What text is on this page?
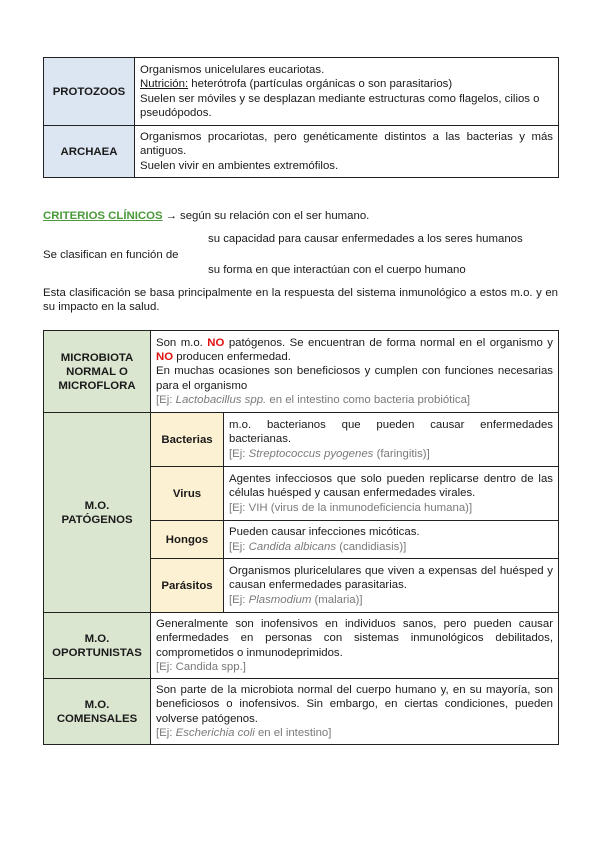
PROTOZOOS	Organismos unicelulares eucariotas.
Nutrición: heterótrofa (partículas orgánicas o son parasitarios)
Suelen ser móviles y se desplazan mediante estructuras como flagelos, cilios o pseudópodos.

ARCHAEA	Organismos procariotas, pero genéticamente distintos a las bacterias y más antiguos.
Suelen vivir en ambientes extremófilos.
CRITERIOS CLÍNICOS → según su relación con el ser humano.
su capacidad para causar enfermedades a los seres humanos
Se clasifican en función de
su forma en que interactúan con el cuerpo humano
Esta clasificación se basa principalmente en la respuesta del sistema inmunológico a estos m.o. y en su impacto en la salud.
MICROBIOTA NORMAL O MICROFLORA	Son m.o. NO patógenos. Se encuentran de forma normal en el organismo y NO producen enfermedad.
En muchas ocasiones son beneficiosos y cumplen con funciones necesarias para el organismo
[Ej: Lactobacillus spp. en el intestino como bacteria probiótica]	

M.O. PATÓGENOS	Bacterias	m.o. bacterianos que pueden causar enfermedades bacterianas.
[Ej: Streptococcus pyogenes (faringitis)]

	Virus	Agentes infecciosos que solo pueden replicarse dentro de las células huésped y causan enfermedades virales.
[Ej: VIH (virus de la inmunodeficiencia humana)]

	Hongos	Pueden causar infecciones micóticas.
[Ej: Candida albicans (candidiasis)]

	Parásitos	Organismos pluricelulares que viven a expensas del huésped y causan enfermedades parasitarias.
[Ej: Plasmodium (malaria)]

M.O. OPORTUNISTAS	Generalmente son inofensivos en individuos sanos, pero pueden causar enfermedades en personas con sistemas inmunológicos debilitados, comprometidos o inmunodeprimidos.
[Ej: Candida spp.]	

M.O. COMENSALES	Son parte de la microbiota normal del cuerpo humano y, en su mayoría, son beneficiosos o inofensivos. Sin embargo, en ciertas condiciones, pueden volverse patógenos.
[Ej: Escherichia coli en el intestino]	
